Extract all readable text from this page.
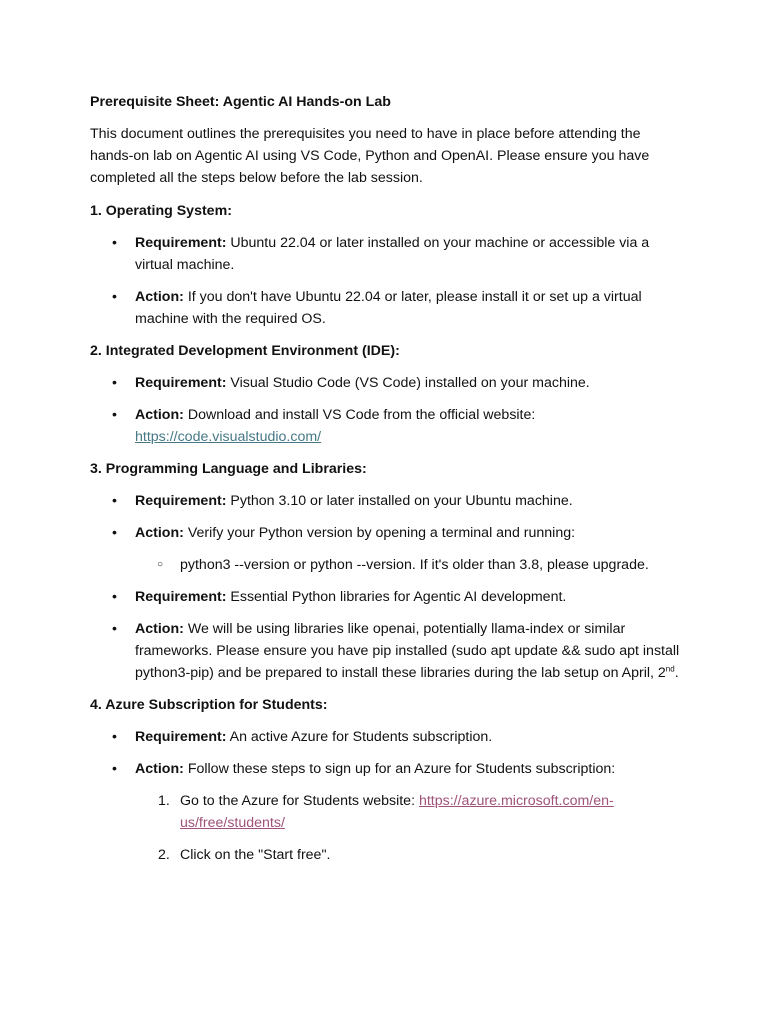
Prerequisite Sheet: Agentic AI Hands-on Lab

This document outlines the prerequisites you need to have in place before attending the hands-on lab on Agentic AI using VS Code, Python and OpenAI. Please ensure you have completed all the steps below before the lab session.

1. Operating System:

• Requirement: Ubuntu 22.04 or later installed on your machine or accessible via a virtual machine.
• Action: If you don't have Ubuntu 22.04 or later, please install it or set up a virtual machine with the required OS.

2. Integrated Development Environment (IDE):

• Requirement: Visual Studio Code (VS Code) installed on your machine.
• Action: Download and install VS Code from the official website:
https://code.visualstudio.com/

3. Programming Language and Libraries:

• Requirement: Python 3.10 or later installed on your Ubuntu machine.
• Action: Verify your Python version by opening a terminal and running:
○ python3 --version or python --version. If it's older than 3.8, please upgrade.
• Requirement: Essential Python libraries for Agentic AI development.
• Action: We will be using libraries like openai, potentially llama-index or similar frameworks. Please ensure you have pip installed (sudo apt update && sudo apt install python3-pip) and be prepared to install these libraries during the lab setup on April, 2nd.

4. Azure Subscription for Students:

• Requirement: An active Azure for Students subscription.
• Action: Follow these steps to sign up for an Azure for Students subscription:
1. Go to the Azure for Students website: https://azure.microsoft.com/en-us/free/students/
2. Click on the "Start free".
